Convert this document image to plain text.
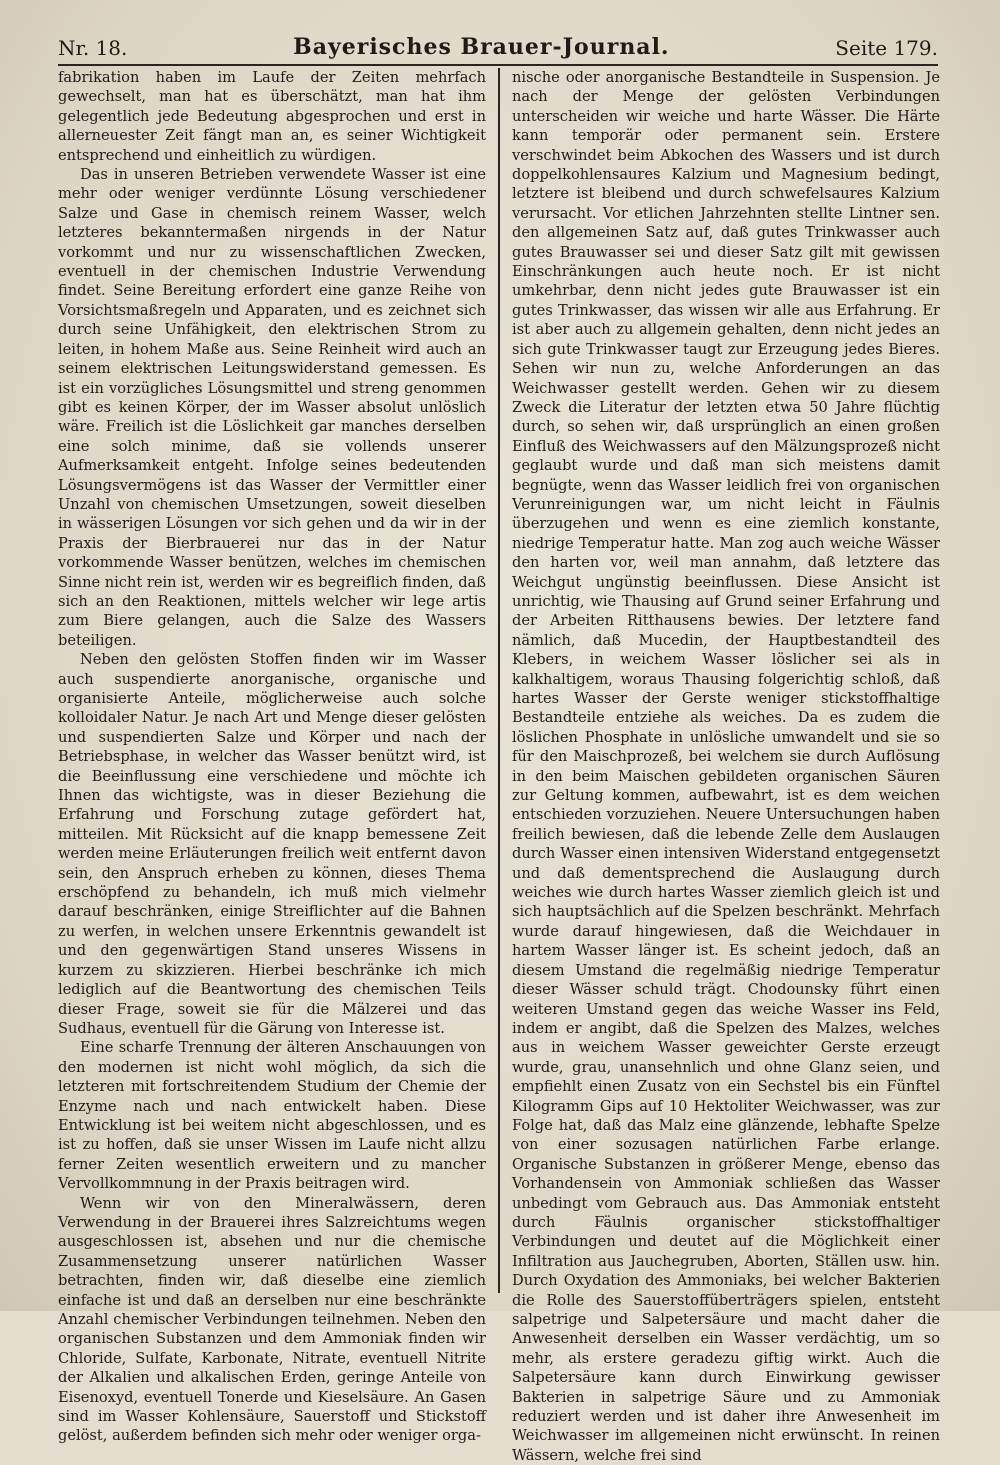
Nr. 18.	Bayerisches Brauer-Journal.	Seite 179.

fabrikation haben im Laufe der Zeiten mehrfach gewechselt, man hat es überschätzt, man hat ihm gelegentlich jede Bedeutung abgesprochen und erst in allerneuester Zeit fängt man an, es seiner Wichtigkeit entsprechend und einheitlich zu würdigen.

Das in unseren Betrieben verwendete Wasser ist eine mehr oder weniger verdünnte Lösung verschiedener Salze und Gase in chemisch reinem Wasser, welch letzteres bekanntermaßen nirgends in der Natur vorkommt und nur zu wissenschaftlichen Zwecken, eventuell in der chemischen Industrie Verwendung findet. Seine Bereitung erfordert eine ganze Reihe von Vorsichtsmaßregeln und Apparaten, und es zeichnet sich durch seine Unfähigkeit, den elektrischen Strom zu leiten, in hohem Maße aus. Seine Reinheit wird auch an seinem elektrischen Leitungswiderstand gemessen. Es ist ein vorzügliches Lösungsmittel und streng genommen gibt es keinen Körper, der im Wasser absolut unlöslich wäre. Freilich ist die Löslichkeit gar manches derselben eine solch minime, daß sie vollends unserer Aufmerksamkeit entgeht. Infolge seines bedeutenden Lösungsvermögens ist das Wasser der Vermittler einer Unzahl von chemischen Umsetzungen, soweit dieselben in wässerigen Lösungen vor sich gehen und da wir in der Praxis der Bierbrauerei nur das in der Natur vorkommende Wasser benützen, welches im chemischen Sinne nicht rein ist, werden wir es begreiflich finden, daß sich an den Reaktionen, mittels welcher wir lege artis zum Biere gelangen, auch die Salze des Wassers beteiligen.

Neben den gelösten Stoffen finden wir im Wasser auch suspendierte anorganische, organische und organisierte Anteile, möglicherweise auch solche kolloidaler Natur. Je nach Art und Menge dieser gelösten und suspendierten Salze und Körper und nach der Betriebsphase, in welcher das Wasser benützt wird, ist die Beeinflussung eine verschiedene und möchte ich Ihnen das wichtigste, was in dieser Beziehung die Erfahrung und Forschung zutage gefördert hat, mitteilen. Mit Rücksicht auf die knapp bemessene Zeit werden meine Erläuterungen freilich weit entfernt davon sein, den Anspruch erheben zu können, dieses Thema erschöpfend zu behandeln, ich muß mich vielmehr darauf beschränken, einige Streiflichter auf die Bahnen zu werfen, in welchen unsere Erkenntnis gewandelt ist und den gegenwärtigen Stand unseres Wissens in kurzem zu skizzieren. Hierbei beschränke ich mich lediglich auf die Beantwortung des chemischen Teils dieser Frage, soweit sie für die Mälzerei und das Sudhaus, eventuell für die Gärung von Interesse ist.

Eine scharfe Trennung der älteren Anschauungen von den modernen ist nicht wohl möglich, da sich die letzteren mit fortschreitendem Studium der Chemie der Enzyme nach und nach entwickelt haben. Diese Entwicklung ist bei weitem nicht abgeschlossen, und es ist zu hoffen, daß sie unser Wissen im Laufe nicht allzu ferner Zeiten wesentlich erweitern und zu mancher Vervollkommnung in der Praxis beitragen wird.

Wenn wir von den Mineralwässern, deren Verwendung in der Brauerei ihres Salzreichtums wegen ausgeschlossen ist, absehen und nur die chemische Zusammensetzung unserer natürlichen Wasser betrachten, finden wir, daß dieselbe eine ziemlich einfache ist und daß an derselben nur eine beschränkte Anzahl chemischer Verbindungen teilnehmen. Neben den organischen Substanzen und dem Ammoniak finden wir Chloride, Sulfate, Karbonate, Nitrate, eventuell Nitrite der Alkalien und alkalischen Erden, geringe Anteile von Eisenoxyd, eventuell Tonerde und Kieselsäure. An Gasen sind im Wasser Kohlensäure, Sauerstoff und Stickstoff gelöst, außerdem befinden sich mehr oder weniger orga-

nische oder anorganische Bestandteile in Suspension. Je nach der Menge der gelösten Verbindungen unterscheiden wir weiche und harte Wässer. Die Härte kann temporär oder permanent sein. Erstere verschwindet beim Abkochen des Wassers und ist durch doppelkohlensaures Kalzium und Magnesium bedingt, letztere ist bleibend und durch schwefelsaures Kalzium verursacht. Vor etlichen Jahrzehnten stellte Lintner sen. den allgemeinen Satz auf, daß gutes Trinkwasser auch gutes Brauwasser sei und dieser Satz gilt mit gewissen Einschränkungen auch heute noch. Er ist nicht umkehrbar, denn nicht jedes gute Brauwasser ist ein gutes Trinkwasser, das wissen wir alle aus Erfahrung. Er ist aber auch zu allgemein gehalten, denn nicht jedes an sich gute Trinkwasser taugt zur Erzeugung jedes Bieres. Sehen wir nun zu, welche Anforderungen an das Weichwasser gestellt werden. Gehen wir zu diesem Zweck die Literatur der letzten etwa 50 Jahre flüchtig durch, so sehen wir, daß ursprünglich an einen großen Einfluß des Weichwassers auf den Mälzungsprozeß nicht geglaubt wurde und daß man sich meistens damit begnügte, wenn das Wasser leidlich frei von organischen Verunreinigungen war, um nicht leicht in Fäulnis überzugehen und wenn es eine ziemlich konstante, niedrige Temperatur hatte. Man zog auch weiche Wässer den harten vor, weil man annahm, daß letztere das Weichgut ungünstig beeinflussen. Diese Ansicht ist unrichtig, wie Thausing auf Grund seiner Erfahrung und der Arbeiten Ritthausens bewies. Der letztere fand nämlich, daß Mucedin, der Hauptbestandteil des Klebers, in weichem Wasser löslicher sei als in kalkhaltigem, woraus Thausing folgerichtig schloß, daß hartes Wasser der Gerste weniger stickstoffhaltige Bestandteile entziehe als weiches. Da es zudem die löslichen Phosphate in unlösliche umwandelt und sie so für den Maischprozeß, bei welchem sie durch Auflösung in den beim Maischen gebildeten organischen Säuren zur Geltung kommen, aufbewahrt, ist es dem weichen entschieden vorzuziehen. Neuere Untersuchungen haben freilich bewiesen, daß die lebende Zelle dem Auslaugen durch Wasser einen intensiven Widerstand entgegensetzt und daß dementsprechend die Auslaugung durch weiches wie durch hartes Wasser ziemlich gleich ist und sich hauptsächlich auf die Spelzen beschränkt. Mehrfach wurde darauf hingewiesen, daß die Weichdauer in hartem Wasser länger ist. Es scheint jedoch, daß an diesem Umstand die regelmäßig niedrige Temperatur dieser Wässer schuld trägt. Chodounsky führt einen weiteren Umstand gegen das weiche Wasser ins Feld, indem er angibt, daß die Spelzen des Malzes, welches aus in weichem Wasser geweichter Gerste erzeugt wurde, grau, unansehnlich und ohne Glanz seien, und empfiehlt einen Zusatz von ein Sechstel bis ein Fünftel Kilogramm Gips auf 10 Hektoliter Weichwasser, was zur Folge hat, daß das Malz eine glänzende, lebhafte Spelze von einer sozusagen natürlichen Farbe erlange. Organische Substanzen in größerer Menge, ebenso das Vorhandensein von Ammoniak schließen das Wasser unbedingt vom Gebrauch aus. Das Ammoniak entsteht durch Fäulnis organischer stickstoffhaltiger Verbindungen und deutet auf die Möglichkeit einer Infiltration aus Jauchegruben, Aborten, Ställen usw. hin. Durch Oxydation des Ammoniaks, bei welcher Bakterien die Rolle des Sauerstoffüberträgers spielen, entsteht salpetrige und Salpetersäure und macht daher die Anwesenheit derselben ein Wasser verdächtig, um so mehr, als erstere geradezu giftig wirkt. Auch die Salpetersäure kann durch Einwirkung gewisser Bakterien in salpetrige Säure und zu Ammoniak reduziert werden und ist daher ihre Anwesenheit im Weichwasser im allgemeinen nicht erwünscht. In reinen Wässern, welche frei sind
